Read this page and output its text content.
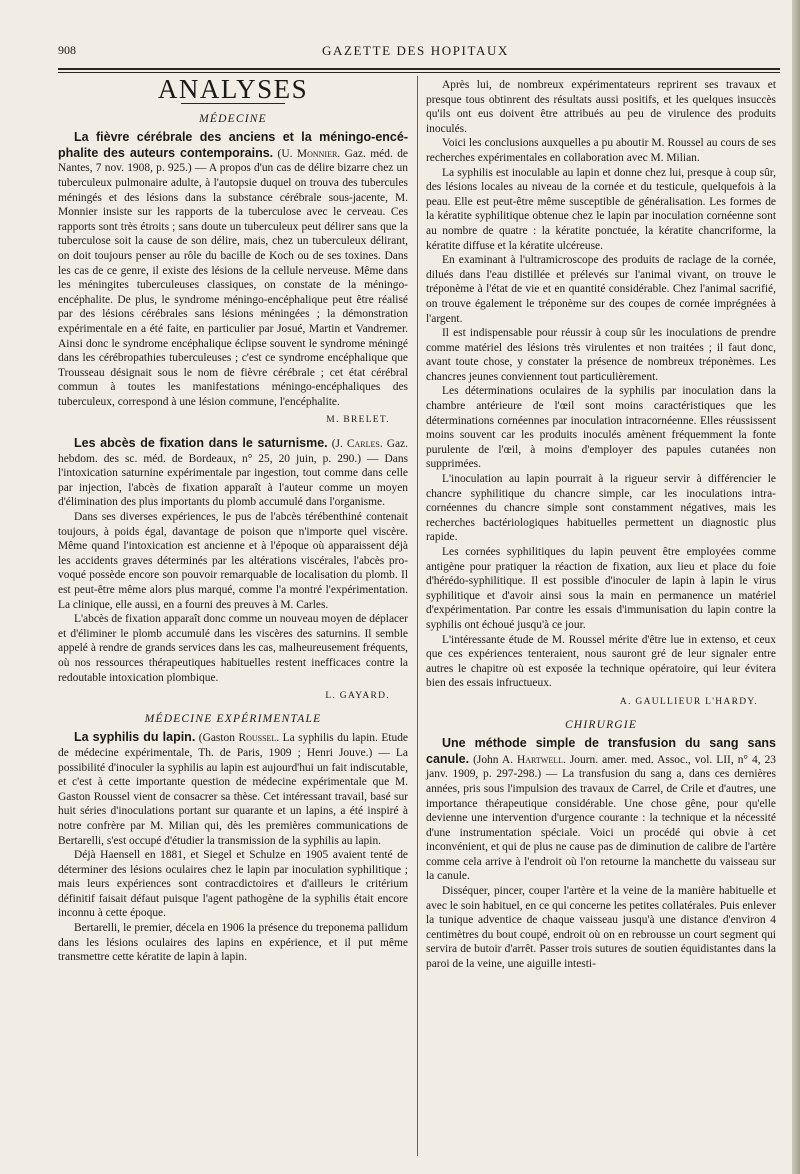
908	GAZETTE DES HOPITAUX
ANALYSES
MÉDECINE

La fièvre cérébrale des anciens et la méningo-encéphalite des auteurs contemporains. (U. Monnier. Gaz. méd. de Nantes, 7 nov. 1908, p. 925.) — A propos d'un cas de délire bizarre chez un tuberculeux pulmonaire adulte, à l'autopsie duquel on trouva des tubercules méningés et des lésions dans la substance cérébrale sous-jacente, M. Monnier insiste sur les rapports de la tuberculose avec le cerveau. Ces rapports sont très étroits ; sans doute un tuberculeux peut délirer sans que la tuberculose soit la cause de son délire, mais, chez un tuberculeux délirant, on doit toujours penser au rôle du bacille de Koch ou de ses toxines. Dans les cas de ce genre, il existe des lésions de la cellule nerveuse. Même dans les méningites tuberculeuses classiques, on constate de la méningo-encéphalite. De plus, le syndrome méningo-encéphalique peut être réalisé par des lésions cérébrales sans lésions méningées ; la démonstration expérimentale en a été faite, en particulier par Josué, Martin et Vandremer. Ainsi donc le syndrome encéphalique éclipse souvent le syndrome méningé dans les cérébropathies tuberculeuses ; c'est ce syndrome encéphalique que Trousseau désignait sous le nom de fièvre cérébrale ; cet état cérébral commun à toutes les manifestations méningo-encéphaliques des tuberculeux, correspond à une lésion commune, l'encéphalite.

M. BRELET.

Les abcès de fixation dans le saturnisme. (J. Carles. Gaz. hebdom. des sc. méd. de Bordeaux, n° 25, 20 juin, p. 290.) — Dans l'intoxication saturnine expérimentale par ingestion, tout comme dans celle par injection, l'abcès de fixation apparaît à l'auteur comme un moyen d'élimination des plus importants du plomb accumulé dans l'organisme.

Dans ses diverses expériences, le pus de l'abcès térébenthiné contenait toujours, à poids égal, davantage de poison que n'importe quel viscère. Même quand l'intoxication est ancienne et à l'époque où apparaissent déjà les accidents graves déterminés par les altérations viscérales, l'abcès provoqué possède encore son pouvoir remarquable de localisation du plomb. Il est peut-être même alors plus marqué, comme l'a montré l'expérimentation. La clinique, elle aussi, en a fourni des preuves à M. Carles.

L'abcès de fixation apparaît donc comme un nouveau moyen de déplacer et d'éliminer le plomb accumulé dans les viscères des saturnins. Il semble appelé à rendre de grands services dans les cas, malheureusement fréquents, où nos ressources thérapeutiques habituelles restent inefficaces contre la redoutable intoxication plombique.

L. GAYARD.
MÉDECINE EXPÉRIMENTALE

La syphilis du lapin. (Gaston Roussel. La syphilis du lapin. Etude de médecine expérimentale, Th. de Paris, 1909 ; Henri Jouve.) — La possibilité d'inoculer la syphilis au lapin est aujourd'hui un fait indiscutable, et c'est à cette importante question de médecine expérimentale que M. Gaston Roussel vient de consacrer sa thèse. Cet intéressant travail, basé sur huit séries d'inoculations portant sur quarante et un lapins, a été inspiré à notre confrère par M. Milian qui, dès les premières communications de Bertarelli, s'est occupé d'étudier la transmission de la syphilis au lapin.

Déjà Haensell en 1881, et Siegel et Schulze en 1905 avaient tenté de déterminer des lésions oculaires chez le lapin par inoculation syphilitique ; mais leurs expériences sont contracdictoires et d'ailleurs le critérium définitif faisait défaut puisque l'agent pathogène de la syphilis était encore inconnu à cette époque.

Bertarelli, le premier, décela en 1906 la présence du treponema pallidum dans les lésions oculaires des lapins en expérience, et il put même transmettre cette kératite de lapin à lapin.

Après lui, de nombreux expérimentateurs reprirent ses travaux et presque tous obtinrent des résultats aussi positifs, et les quelques insuccès qu'ils ont eus doivent être attribués au peu de virulence des produits inoculés.

Voici les conclusions auxquelles a pu aboutir M. Roussel au cours de ses recherches expérimentales en collaboration avec M. Milian.

La syphilis est inoculable au lapin et donne chez lui, presque à coup sûr, des lésions locales au niveau de la cornée et du testicule, quelquefois à la peau. Elle est peut-être même susceptible de généralisation. Les formes de la kératite syphilitique obtenue chez le lapin par inoculation cornéenne sont au nombre de quatre : la kératite ponctuée, la kératite chancriforme, la kératite diffuse et la kératite ulcéreuse.

En examinant à l'ultramicroscope des produits de raclage de la cornée, dilués dans l'eau distillée et prélevés sur l'animal vivant, on trouve le tréponème à l'état de vie et en quantité considérable. Chez l'animal sacrifié, on trouve également le tréponème sur des coupes de cornée imprégnées à l'argent.

Il est indispensable pour réussir à coup sûr les inoculations de prendre comme matériel des lésions très virulentes et non traitées ; il faut donc, avant toute chose, y constater la présence de nombreux tréponèmes. Les chancres jeunes conviennent tout particulièrement.

Les déterminations oculaires de la syphilis par inoculation dans la chambre antérieure de l'œil sont moins caractéristiques que les déterminations cornéennes par inoculation intracornéenne. Elles réussissent moins souvent car les produits inoculés amènent fréquemment la fonte purulente de l'œil, à moins d'employer des papules cutanées non supprimées.

L'inoculation au lapin pourrait à la rigueur servir à différencier le chancre syphilitique du chancre simple, car les inoculations intra-cornéennes du chancre simple sont constamment négatives, mais les recherches bactériologiques habituelles permettent un diagnostic plus rapide.

Les cornées syphilitiques du lapin peuvent être employées comme antigène pour pratiquer la réaction de fixation, aux lieu et place du foie d'hérédo-syphilitique. Il est possible d'inoculer de lapin à lapin le virus syphilitique et d'avoir ainsi sous la main en permanence un matériel d'expérimentation. Par contre les essais d'immunisation du lapin contre la syphilis ont échoué jusqu'à ce jour.

L'intéressante étude de M. Roussel mérite d'être lue in extenso, et ceux que ces expériences tenteraient, nous sauront gré de leur signaler entre autres le chapitre où est exposée la technique opératoire, qui leur évitera bien des essais infructueux.

A. GAULLIEUR L'HARDY.
CHIRURGIE

Une méthode simple de transfusion du sang sans canule. (John A. Hartwell. Journ. amer. med. Assoc., vol. LII, n° 4, 23 janv. 1909, p. 297-298.) — La transfusion du sang a, dans ces dernières années, pris sous l'impulsion des travaux de Carrel, de Crile et d'autres, une importance thérapeutique considérable. Une chose gêne, pour qu'elle devienne une intervention d'urgence courante : la technique et la nécessité d'une instrumentation spéciale. Voici un procédé qui obvie à cet inconvénient, et qui de plus ne cause pas de diminution de calibre de l'artère comme cela arrive à l'endroit où l'on retourne la manchette du vaisseau sur la canule.

Disséquer, pincer, couper l'artère et la veine de la manière habituelle et avec le soin habituel, en ce qui concerne les petites collatérales. Puis enlever la tunique adventice de chaque vaisseau jusqu'à une distance d'environ 4 centimètres du bout coupé, endroit où on en rebrousse un court segment qui servira de butoir d'arrêt. Passer trois sutures de soutien équidistantes dans la paroi de la veine, une aiguille intesti-
